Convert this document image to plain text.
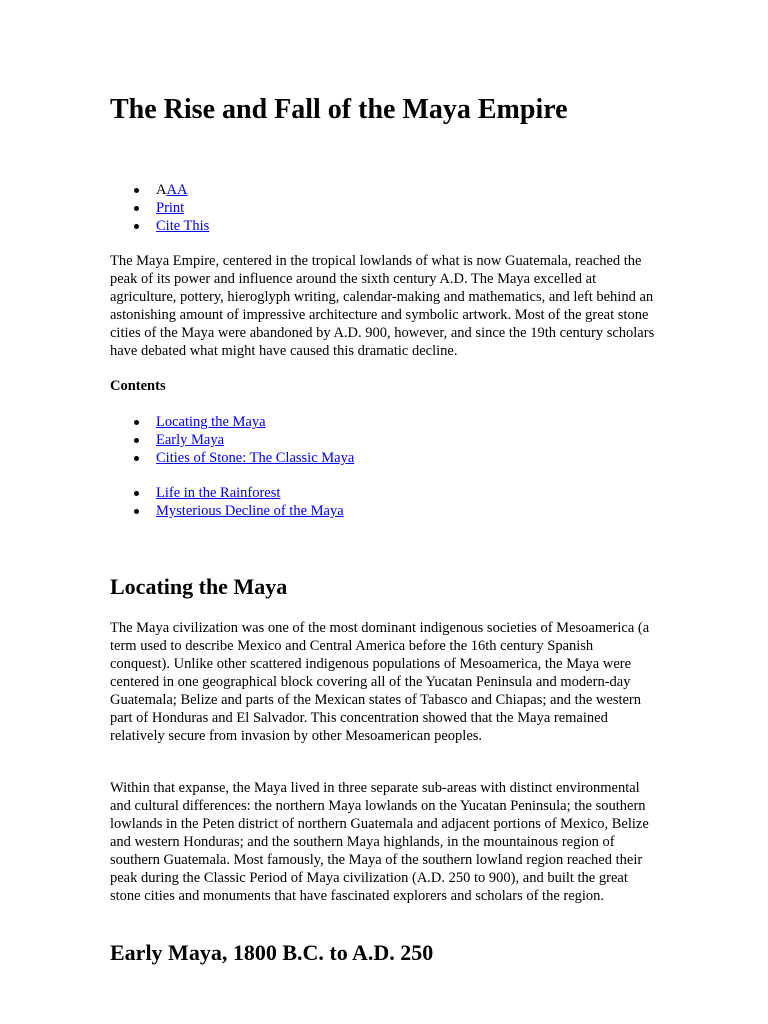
The Rise and Fall of the Maya Empire
AAA
Print
Cite This

The Maya Empire, centered in the tropical lowlands of what is now Guatemala, reached the peak of its power and influence around the sixth century A.D. The Maya excelled at agriculture, pottery, hieroglyph writing, calendar-making and mathematics, and left behind an astonishing amount of impressive architecture and symbolic artwork. Most of the great stone cities of the Maya were abandoned by A.D. 900, however, and since the 19th century scholars have debated what might have caused this dramatic decline.

Contents
Locating the Maya
Early Maya
Cities of Stone: The Classic Maya
Life in the Rainforest
Mysterious Decline of the Maya
Locating the Maya

The Maya civilization was one of the most dominant indigenous societies of Mesoamerica (a term used to describe Mexico and Central America before the 16th century Spanish conquest). Unlike other scattered indigenous populations of Mesoamerica, the Maya were centered in one geographical block covering all of the Yucatan Peninsula and modern-day Guatemala; Belize and parts of the Mexican states of Tabasco and Chiapas; and the western part of Honduras and El Salvador. This concentration showed that the Maya remained relatively secure from invasion by other Mesoamerican peoples.

Within that expanse, the Maya lived in three separate sub-areas with distinct environmental and cultural differences: the northern Maya lowlands on the Yucatan Peninsula; the southern lowlands in the Peten district of northern Guatemala and adjacent portions of Mexico, Belize and western Honduras; and the southern Maya highlands, in the mountainous region of southern Guatemala. Most famously, the Maya of the southern lowland region reached their peak during the Classic Period of Maya civilization (A.D. 250 to 900), and built the great stone cities and monuments that have fascinated explorers and scholars of the region.

Early Maya, 1800 B.C. to A.D. 250
